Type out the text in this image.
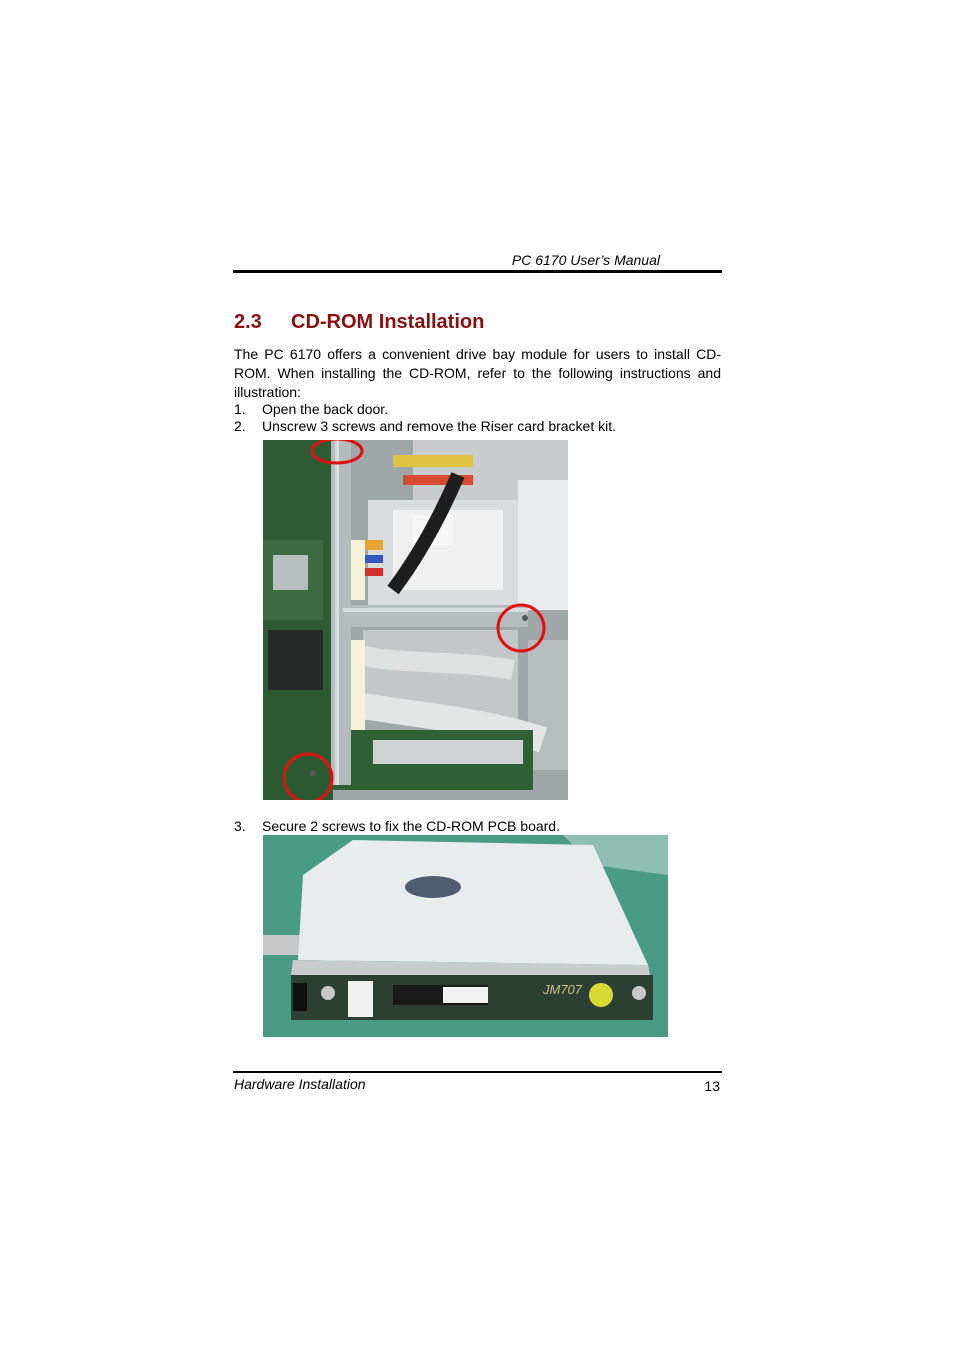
PC 6170 User’s Manual
2.3 CD-ROM Installation

The PC 6170 offers a convenient drive bay module for users to install CD-ROM. When installing the CD-ROM, refer to the following instructions and illustration:

1. Open the back door.
2. Unscrew 3 screws and remove the Riser card bracket kit.
3. Secure 2 screws to fix the CD-ROM PCB board.
JM707
Hardware Installation	13
